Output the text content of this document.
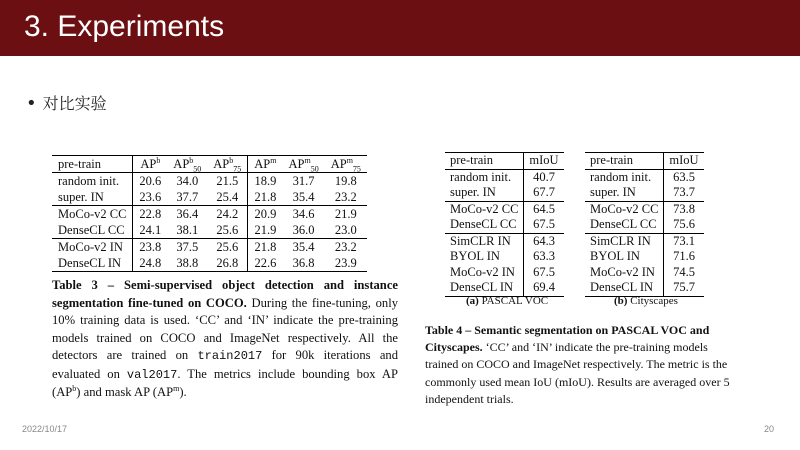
3. Experiments
• 对比实验
pre-train	$AP^b$	$AP^b_{50}$	$AP^b_{75}$	$AP^m$	$AP^m_{50}$	$AP^m_{75}$
random init.	20.6	34.0	21.5	18.9	31.7	19.8
super. IN	23.6	37.7	25.4	21.8	35.4	23.2
MoCo-v2 CC	22.8	36.4	24.2	20.9	34.6	21.9
DenseCL CC	24.1	38.1	25.6	21.9	36.0	23.0
MoCo-v2 IN	23.8	37.5	25.6	21.8	35.4	23.2
DenseCL IN	24.8	38.8	26.8	22.6	36.8	23.9

Table 3 – Semi-supervised object detection and instance segmentation fine-tuned on COCO. During the fine-tuning, only 10% training data is used. ‘CC’ and ‘IN’ indicate the pre-training models trained on COCO and ImageNet respectively. All the detectors are trained on train2017 for 90k iterations and evaluated on val2017. The metrics include bounding box AP $(AP^b)$ and mask AP $(AP^m)$.

pre-train	mIoU
random init.	40.7
super. IN	67.7
MoCo-v2 CC	64.5
DenseCL CC	67.5
SimCLR IN	64.3
BYOL IN	63.3
MoCo-v2 IN	67.5
DenseCL IN	69.4
pre-train	mIoU
random init.	63.5
super. IN	73.7
MoCo-v2 CC	73.8
DenseCL CC	75.6
SimCLR IN	73.1
BYOL IN	71.6
MoCo-v2 IN	74.5
DenseCL IN	75.7
(a) PASCAL VOC	(b) Cityscapes

Table 4 – Semantic segmentation on PASCAL VOC and Cityscapes. ‘CC’ and ‘IN’ indicate the pre-training models trained on COCO and ImageNet respectively. The metric is the commonly used mean IoU (mIoU). Results are averaged over 5 independent trials.

2022/10/17	20
